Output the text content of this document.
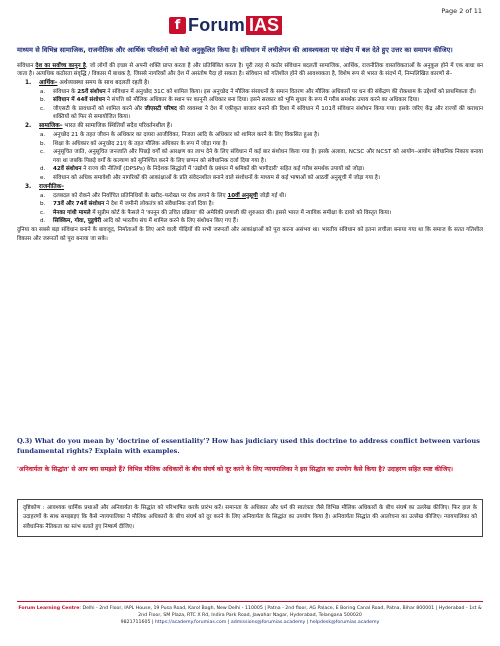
Page 2 of 11
f Forum IAS
माध्यम से विभिन्न सामाजिक, राजनीतिक और आर्थिक परिवर्तनों को कैसे अनुकूलित किया है। संविधान में लचीलेपन की आवश्यकता पर संक्षेप में बल देते हुए उत्तर का समापन कीजिए।
संविधान देश का सर्वोच्च कानून है, जो लोगों की इच्छा से अपनी शक्ति प्राप्त करता है और प्रतिबिंबित करता है। पूरी तरह से कठोर संविधान बदलती सामाजिक, आर्थिक, राजनीतिक वास्तविकताओं के अनुकूल होने में एक बाधा बन जाता है। अत्यधिक कठोरता संवृद्धि / विकास में बाधक है, जिससे नागरिकों और देश में असंतोष पैदा हो सकता है। संविधान को गतिशील होने की आवश्यकता है, विशेष रूप से भारत के संदर्भ में, निम्नलिखित कारणों से–
1.	आर्थिक– अर्थव्यवस्था समय के साथ बदलती रहती है।
a.	संविधान के 25वें संशोधन ने संविधान में अनुच्छेद 31C को शामिल किया। इस अनुच्छेद ने मौलिक संसाधनों के समान वितरण और मौलिक अधिकारों पर धन की संकेंद्रण की रोकथाम के उद्देश्यों को प्राथमिकता दी।
b.	संविधान में 44वें संशोधन ने संपत्ति को मौलिक अधिकार के स्थान पर कानूनी अधिकार बना दिया। इसने सरकार को भूमि सुधार के रूप में गरीब समर्थक उपाय करने का अधिकार दिया।
c.	जीएसटी के प्रावधानों को शामिल करने और जीएसटी परिषद की व्यवस्था ने देश में एकीकृत बाजार बनाने की दिशा में संविधान में 101वें संविधान संशोधन किया गया। इसके जरिए केंद्र और राज्यों की कराधान शक्तियों को फिर से समायोजित किया।
2.	सामाजिक– भारत की सामाजिक स्थितियाँ सदैव परिवर्तनशील हैं।
a.	अनुच्छेद 21 के तहत जीवन के अधिकार का दायरा आजीविका, निजता आदि के अधिकार को शामिल करने के लिए विकसित हुआ है।
b.	शिक्षा के अधिकार को अनुच्छेद 21ए के तहत मौलिक अधिकार के रूप में जोड़ा गया है।
c.	अनुसूचित जाति, अनुसूचित जनजाति और पिछड़े वर्गों को आरक्षण का लाभ देने के लिए संविधान में कई बार संशोधन किया गया है। इसके अलावा, NCSC और NCST को आयोग–आयोग संवैधानिक निकाय बनाया गया था जबकि पिछड़े वर्गों के कल्याण को सुनिश्चित करने के लिए छप्पन को संवैधानिक दर्जा दिया गया है।
d.	42वें संशोधन ने राज्य की नीतियों (DPSPs) के निदेशक सिद्धांतों में 'उद्योगों के प्रबंधन में श्रमिकों की भागीदारी' सहित कई गरीब समर्थक उपायों को जोड़ा।
e.	संविधान को अधिक समावेशी और नागरिकों की आकांक्षाओं के प्रति संवेदनशील बनाने वाले संशोधनों के माध्यम से कई भाषाओं को आठवीं अनुसूची में जोड़ा गया है।
3.	राजनीतिक–
a.	दलबदल को रोकने और निर्वाचित प्रतिनिधियों के खरीद–फरोख्त पर रोक लगाने के लिए 10वीं अनुसूची जोड़ी गई थी।
b.	73वें और 74वें संशोधन ने देश में जमीनी लोकतंत्र को संवैधानिक दर्जा दिया है।
c.	मेनका गांधी मामले में सुप्रीम कोर्ट के फैसले ने 'कानून की उचित प्रक्रिया' की अमेरिकी प्रणाली की शुरुआत की। इससे भारत में न्यायिक समीक्षा के दायरे को विस्तृत किया।
d.	सिक्किम, गोवा, पुडुचेरी आदि को भारतीय संघ में शामिल करने के लिए संशोधन किए गए हैं।
दुनिया का सबसे बड़ा संविधान बनाने के बावजूद, निर्माताओं के लिए आने वाली पीढ़ियों की सभी जरूरतों और आकांक्षाओं को पूरा करना असंभव था। भारतीय संविधान को इतना लचीला बनाया गया था कि समाज के सतत गतिशील विकास और जरूरतों को पूरा बनाया जा सके।
Q.3) What do you mean by 'doctrine of essentiality'? How has judiciary used this doctrine to address conflict between various fundamental rights? Explain with examples.
'अनिवार्यता के सिद्धांत' से आप क्या समझते हैं? विभिन्न मौलिक अधिकारों के बीच संघर्ष को दूर करने के लिए न्यायपालिका ने इस सिद्धांत का उपयोग कैसे किया है? उदाहरण सहित स्पष्ट कीजिए।
दृष्टिकोण : आवश्यक धार्मिक प्रथाओं और अनिवार्यता के सिद्धांत को परिभाषित करके प्रारंभ करें। समानता के अधिकार और धर्म की स्वतंत्रता जैसे विभिन्न मौलिक अधिकारों के बीच संघर्ष का उल्लेख कीजिए। फिर हाल के उदाहरणों के साथ समझाइए कि कैसे न्यायपालिका ने मौलिक अधिकारों के बीच संघर्ष को दूर करने के लिए अनिवार्यता के सिद्धांत का उपयोग किया है। अनिवार्यता सिद्धांत की आलोचना का उल्लेख कीजिए। न्यायपालिका को संवैधानिक नैतिकता का स्तंभ बताते हुए निष्कर्ष दीजिए।
Forum Learning Centre: Delhi - 2nd Floor, IAPL House, 19 Pusa Road, Karol Bagh, New Delhi - 110005 | Patna - 2nd floor, AG Palace, E Boring Canal Road, Patna, Bihar 800001 | Hyderabad - 1st & 2nd Floor, SM Plaza, RTC X Rd, Indira Park Road, Jawahar Nagar, Hyderabad, Telangana 500020
9821711605 | https://academy.forumias.com | admissions@forumias.academy | helpdesk@forumias.academy
